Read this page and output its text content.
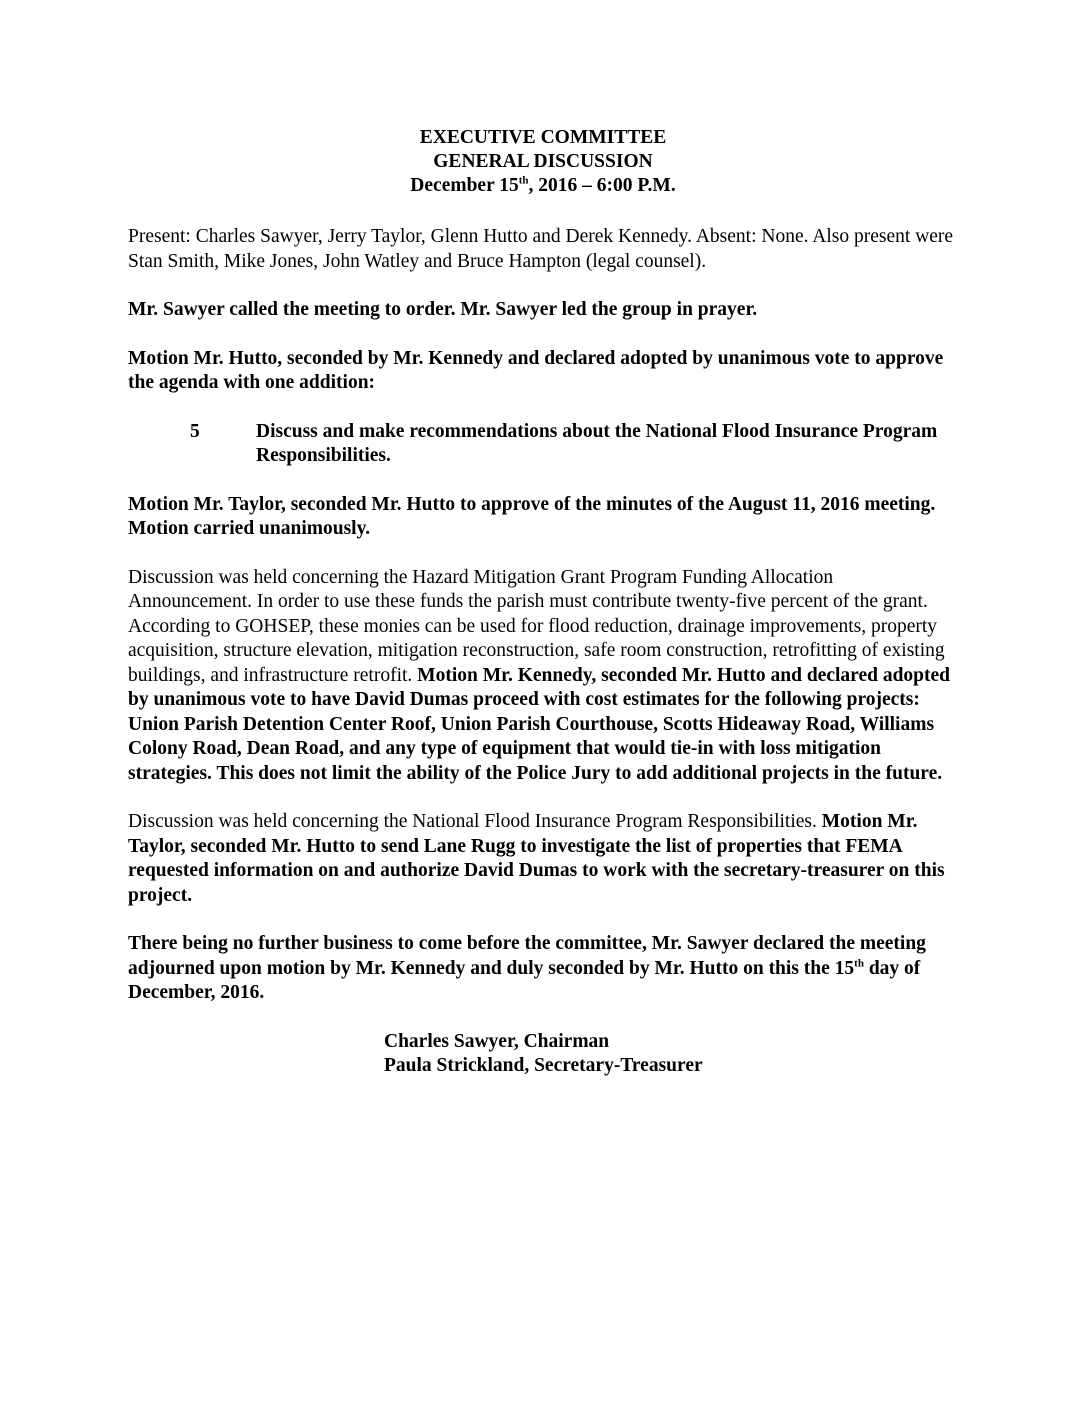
EXECUTIVE COMMITTEE
GENERAL DISCUSSION
December 15th, 2016 – 6:00 P.M.

Present: Charles Sawyer, Jerry Taylor, Glenn Hutto and Derek Kennedy. Absent: None. Also present were Stan Smith, Mike Jones, John Watley and Bruce Hampton (legal counsel).

Mr. Sawyer called the meeting to order. Mr. Sawyer led the group in prayer.

Motion Mr. Hutto, seconded by Mr. Kennedy and declared adopted by unanimous vote to approve the agenda with one addition:

5	Discuss and make recommendations about the National Flood Insurance Program Responsibilities.

Motion Mr. Taylor, seconded Mr. Hutto to approve of the minutes of the August 11, 2016 meeting. Motion carried unanimously.

Discussion was held concerning the Hazard Mitigation Grant Program Funding Allocation Announcement. In order to use these funds the parish must contribute twenty-five percent of the grant. According to GOHSEP, these monies can be used for flood reduction, drainage improvements, property acquisition, structure elevation, mitigation reconstruction, safe room construction, retrofitting of existing buildings, and infrastructure retrofit. Motion Mr. Kennedy, seconded Mr. Hutto and declared adopted by unanimous vote to have David Dumas proceed with cost estimates for the following projects: Union Parish Detention Center Roof, Union Parish Courthouse, Scotts Hideaway Road, Williams Colony Road, Dean Road, and any type of equipment that would tie-in with loss mitigation strategies. This does not limit the ability of the Police Jury to add additional projects in the future.

Discussion was held concerning the National Flood Insurance Program Responsibilities. Motion Mr. Taylor, seconded Mr. Hutto to send Lane Rugg to investigate the list of properties that FEMA requested information on and authorize David Dumas to work with the secretary-treasurer on this project.

There being no further business to come before the committee, Mr. Sawyer declared the meeting adjourned upon motion by Mr. Kennedy and duly seconded by Mr. Hutto on this the 15th day of December, 2016.

Charles Sawyer, Chairman
Paula Strickland, Secretary-Treasurer
